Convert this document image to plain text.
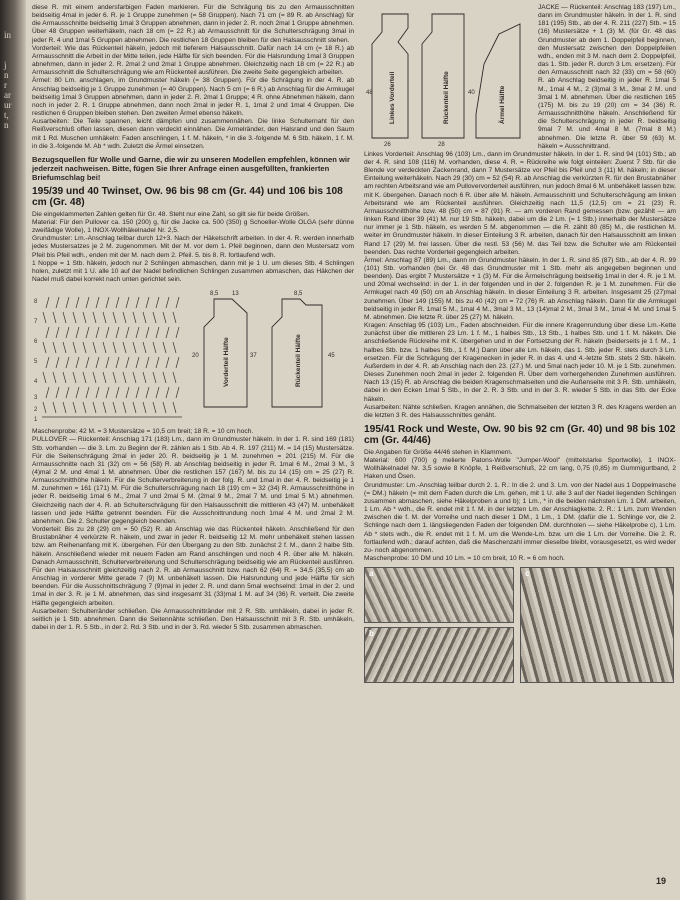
in
j
n
r
ar
ur
t,
n

diese R. mit einem andersfarbigen Faden markieren. Für die Schrägung bis zu den Armausschnitten beidseitig 4mal in jeder 6. R. je 1 Gruppe zunehmen (= 58 Gruppen). Nach 71 cm (= 89 R. ab Anschlag) für die Armausschnitte beidseitig 1mal 3 Gruppen abnehmen, dann in jeder 2. R. noch 2mal 1 Gruppe abnehmen. Über 48 Gruppen weiterhäkeln, nach 18 cm (= 22 R.) ab Armausschnitt für die Schulterschrägung 3mal in jeder R. 4 und 1mal 5 Gruppen abnehmen. Die restlichen 18 Gruppen bleiben für den Halsausschnitt stehen.

Vorderteil: Wie das Rückenteil häkeln, jedoch mit tieferem Halsausschnitt. Dafür nach 14 cm (= 18 R.) ab Armausschnitt die Arbeit in der Mitte teilen, jede Hälfte für sich beenden. Für die Halsrundung 1mal 3 Gruppen abnehmen, dann in jeder 2. R. 2mal 2 und 2mal 1 Gruppe abnehmen. Gleichzeitig nach 18 cm (= 22 R.) ab Armausschnitt die Schulterschrägung wie am Rückenteil ausführen. Die zweite Seite gegengleich arbeiten.

Ärmel: 80 Lm. anschlagen, im Grundmuster häkeln (= 38 Gruppen). Für die Schrägung in der 4. R. ab Anschlag beidseitig je 1 Gruppe zunehmen (= 40 Gruppen). Nach 5 cm (= 6 R.) ab Anschlag für die Armkugel beidseitig 1mal 3 Gruppen abnehmen, dann in jeder 2. R. 2mal 1 Gruppe; 4 R. ohne Abnehmen häkeln, dann noch in jeder 2. R. 1 Gruppe abnehmen, dann noch 2mal in jeder R. 1, 1mal 2 und 1mal 4 Gruppen. Die restlichen 6 Gruppen bleiben stehen. Den zweiten Ärmel ebenso häkeln.

Ausarbeiten: Die Teile spannen, leicht dämpfen und zusammennähen. Die linke Schulternaht für den Reißverschluß offen lassen, diesen dann verdeckt einnähen. Die Armelränder, den Halsrand und den Saum mit 1 Rd. Muschen umhäkeln: Faden anschlingen, 1 f. M. häkeln, * in die 3.-folgende M. 6 Stb. häkeln, 1 f. M. in die 3.-folgende M. Ab * wdh. Zuletzt die Ärmel einsetzen.

Bezugsquellen für Wolle und Garne, die wir zu unseren Modellen empfehlen, können wir jederzeit nachweisen. Bitte, fügen Sie Ihrer Anfrage einen ausgefüllten, frankierten Briefumschlag bei!

195/39 und 40 Twinset, Ow. 96 bis 98 cm (Gr. 44) und 106 bis 108 cm (Gr. 48)

Die eingeklammerten Zahlen gelten für Gr. 48. Steht nur eine Zahl, so gilt sie für beide Größen.

Material: Für den Pullover ca. 150 (200) g, für die Jacke ca. 500 (350) g Schoeller-Wolle OLGA (sehr dünne zweifädige Wolle), 1 INOX-Wollhäkelnadel Nr. 2,5.

Grundmuster: Lm.-Anschlag teilbar durch 12+3. Nach der Häkelschrift arbeiten. In der 4. R. werden innerhalb jedes Mustersatzes je 2 M. zugenommen. Mit der M. vor dem 1. Pfeil beginnen, dann den Mustersatz vom Pfeil bis Pfeil wdh., enden mit der M. nach dem 2. Pfeil. 5. bis 8. R. fortlaufend wdh.

1 Noppe = 1 Stb. häkeln, jedoch nur 2 Schlingen abmaschen, dann mit je 1 U. um dieses Stb. 4 Schlingen holen, zuletzt mit 1 U. alle 10 auf der Nadel befindlichen Schlingen zusammen abmaschen, das Häkchen der Nadel muß dabei korrekt nach unten gerichtet sein.

8
7
6
5
4
3
2
1
8,5 13	8,5
20	37	45
Vorderteil Hälfte	Rückenteil Hälfte

Maschenprobe: 42 M. = 3 Mustersätze = 10,5 cm breit; 18 R. = 10 cm hoch.

PULLOVER — Rückenteil: Anschlag 171 (183) Lm., dann im Grundmuster häkeln. In der 1. R. sind 169 (181) Stb. vorhanden — die 3. Lm. zu Beginn der R. zählen als 1 Stb. Ab 4. R. 197 (211) M. = 14 (15) Mustersätze. Für die Seitenschrägung 2mal in jeder 20. R. beidseitig je 1 M. zunehmen = 201 (215) M. Für die Armausschnitte nach 31 (32) cm = 56 (58) R. ab Anschlag beidseitig in jeder R. 1mal 6 M., 2mal 3 M., 3 (4)mal 2 M. und 4mal 1 M. abnehmen. Über die restlichen 157 (167) M. bis zu 14 (15) cm = 25 (27) R. Armausschnitthöhe häkeln. Für die Schulterverbreiterung in der folg. R. und 1mal in der 4. R. beidseitig je 1 M. zunehmen = 161 (171) M. Für die Schulterschrägung nach 18 (19) cm = 32 (34) R. Armausschnitthöhe in jeder R. beidseitig 1mal 6 M., 2mal 7 und 2mal 5 M. (2mal 9 M., 2mal 7 M. und 1mal 5 M.) abnehmen. Gleichzeitig nach der 4. R. ab Schulterschrägung für den Halsausschnitt die mittleren 43 (47) M. unbehäkelt lassen und jede Hälfte getrennt beenden. Für die Ausschnittrundung noch 1mal 4 M. und 2mal 2 M. abnehmen. Die 2. Schulter gegengleich beenden.

Vorderteil: Bis zu 28 (29) cm = 50 (52) R. ab Anschlag wie das Rückenteil häkeln. Anschließend für den Brustabnäher 4 verkürzte R. häkeln, und zwar in jeder R. beidseitig 12 M. mehr unbehäkelt stehen lassen bzw. am Reihenanfang mit K. übergehen. Für den Übergang zu den Stb. zunächst 2 f. M., dann 2 halbe Stb. häkeln. Anschließend wieder mit neuem Faden am Rand anschlingen und noch 4 R. über alle M. häkeln. Danach Armausschnitt, Schulterverbreiterung und Schulterschrägung beidseitig wie am Rückenteil ausführen. Für den Halsausschnitt gleichzeitig nach 2. R. ab Armausschnitt bzw. nach 62 (64) R. = 34,5 (35,5) cm ab Anschlag in vorderer Mitte gerade 7 (9) M. unbehäkelt lassen. Die Halsrundung und jede Hälfte für sich beenden. Für die Ausschnittschrägung 7 (9)mal in jeder 2. R. und dann 5mal wechselnd: 1mal in der 2. und 1mal in der 3. R. je 1 M. abnehmen, das sind insgesamt 31 (33)mal 1 M. auf 34 (36) R. verteilt. Die zweite Hälfte gegengleich arbeiten.

Ausarbeiten: Schulterränder schließen. Die Armausschnittränder mit 2 R. Stb. umhäkeln, dabei in jeder R. seitlich je 1 Stb. abnehmen. Dann die Seitennähte schließen. Den Halsausschnitt mit 3 R. Stb. umhäkeln, dabei in der 1. R. 5 Stb., in der 2. Rd. 3 Stb. und in der 3. Rd. wieder 5 Stb. zusammen abmaschen.

Linkes Vorderteil	Rückenteil Hälfte	Ärmel Hälfte
48
26	28
40

JACKE — Rückenteil: Anschlag 183 (197) Lm., dann im Grundmuster häkeln. In der 1. R. sind 181 (195) Stb., ab der 4. R. 211 (227) Stb. = 15 (16) Mustersätze + 1 (3) M. (für Gr. 48 das Grundmuster ab dem 1. Doppelpfeil beginnen, den Mustersatz zwischen den Doppelpfeilen wdh., enden mit 3 M. nach dem 2. Doppelpfeil, das 1. Stb. jeder R. durch 3 Lm. ersetzen). Für den Armausschnitt nach 32 (33) cm = 58 (60) R. ab Anschlag beidseitig in jeder R. 1mal 5 M., 1mal 4 M., 2 (3)mal 3 M., 3mal 2 M. und 3mal 1 M. abnehmen. Über die restlichen 165 (175) M. bis zu 19 (20) cm = 34 (36) R. Armausschnitthöhe häkeln. Anschließend für die Schulterschrägung in jeder R. beidseitig 9mal 7 M. und 4mal 8 M. (7mal 8 M.) abnehmen. Die letzte R. über 59 (63) M. häkeln = Ausschnittrand.

Linkes Vorderteil: Anschlag 96 (103) Lm., dann im Grundmuster häkeln. In der 1. R. sind 94 (101) Stb.; ab der 4. R. sind 108 (116) M. vorhanden, diese 4. R. = Rückreihe wie folgt einteilen: Zuerst 7 Stb. für die Blende vor verdeckten Zackenrand, dann 7 Mustersätze vor Pfeil bis Pfeil und 3 (11) M. häkeln; in dieser Einteilung weiterhäkeln. Nach 29 (30) cm = 52 (54) R. ab Anschlag die verkürzten R. für den Brustabnäher am rechten Arbeitsrand wie am Pullovervorderteil ausführen, nun jedoch 8mal 6 M. unbehäkelt lassen bzw. mit K. übergehen. Danach noch 6 R. über alle M. häkeln. Armausschnitt und Schulterschrägung am linken Arbeitsrand wie am Rückenteil ausführen. Gleichzeitig nach 11,5 (12,5) cm = 21 (23) R. Armausschnitthöhe bzw. 48 (50) cm = 87 (91) R. — am vorderen Rand gemessen (bzw. gezählt — am linken Rand über 39 (41) M. nur 19 Stb. häkeln, dabei um die 2 Lm. (= 1 Stb.) innerhalb der Mustersätze nur immer je 1 Stb. häkeln, es werden 5 M. abgenommen — die R. zählt 80 (85) M., die restlichen M. weiter im Grundmuster häkeln. In dieser Einteilung 3 R. arbeiten, danach für den Halsausschnitt am linken Rand 17 (29) M. frei lassen. Über die restl. 53 (56) M. das Teil bzw. die Schulter wie am Rückenteil beenden. Das rechte Vorderteil gegengleich arbeiten.

Ärmel: Anschlag 87 (89) Lm., dann im Grundmuster häkeln. In der 1. R. sind 85 (87) Stb., ab der 4. R. 99 (101) Stb. vorhanden (bei Gr. 48 das Grundmuster mit 1 Stb. mehr als angegeben beginnen und beenden). Das ergibt 7 Mustersätze + 1 (3) M. Für die Ärmelschrägung beidseitig 1mal in der 4. R. je 1 M. und 20mal wechselnd: in der 1. in der folgenden und in der 2. folgenden R. je 1 M. zunehmen. Für die Armkugel nach 49 (50) cm ab Anschlag häkeln. In dieser Einteilung 3 R. arbeiten. Insgesamt 25 (27)mal zunehmen. Über 149 (155) M. bis zu 40 (42) cm = 72 (76) R. ab Anschlag häkeln. Dann für die Armkugel beidseitig in jeder R. 1mal 5 M., 1mal 4 M., 3mal 3 M., 13 (14)mal 2 M., 3mal 3 M., 1mal 4 M. und 1mal 5 M. abnehmen. Die letzte R. über 25 (27) M. häkeln.

Kragen: Anschlag 95 (103) Lm., Faden abschneiden. Für die innere Kragenrundung über diese Lm.-Kette zunächst über die mittleren 23 Lm. 1 f. M., 1 halbes Stb., 13 Stb., 1 halbes Stb. und 1 f. M. häkeln. Die anschließende Rückreihe mit K. übergehen und in der Fortsetzung der R. häkeln (beiderseits je 1 f. M., 1 halbes Stb. bzw. 1 halbes Stb., 1 f. M.) Dann über alle Lm. häkeln, das 1. Stb. jeder R. stets durch 3 Lm. ersetzen. Für die Schrägung der Kragenecken in jeder R. in das 4. und 4.-letzte Stb. stets 2 Stb. häkeln. Außerdem in der 4. R. ab Anschlag nach den 23. (27.) M. und 5mal nach jeder 10. M. je 1 Stb. zunehmen. Dieses Zunehmen noch 2mal in jeder 2. folgenden R. Über dem vorhergehenden Zunehmen ausführen. Nach 13 (15) R. ab Anschlag die beiden Kragenschmalseiten und die Außenseite mit 3 R. Stb. umhäkeln, dabei in den Ecken 1mal 5 Stb., in der 2. R. 3 Stb. und in der 3. R. wieder 5 Stb. in das Stb. der Ecke häkeln.

Ausarbeiten: Nähte schließen. Kragen annähen, die Schmalseiten der letzten 3 R. des Kragens werden an die letzten 3 R. des Halsausschnittes genäht.

195/41 Rock und Weste, Ow. 90 bis 92 cm (Gr. 40) und 98 bis 102 cm (Gr. 44/46)

Die Angaben für Größe 44/46 stehen in Klammern.

Material: 600 (700) g melierte Patons-Wolle "Jumper-Wool" (mittelstarke Sportwolle), 1 INOX-Wollhäkelnadel Nr. 3,5 sowie 8 Knöpfe, 1 Reißverschluß, 22 cm lang, 0,75 (0,85) m Gummigurtband, 2 Haken und Ösen.

Grundmuster: Lm.-Anschlag teilbar durch 2. 1. R.: In die 2. und 3. Lm. von der Nadel aus 1 Doppelmasche (= DM.) häkeln (= mit dem Faden durch die Lm. gehen, mit 1 U. alle 3 auf der Nadel liegenden Schlingen zusammen abmaschen, siehe Häkelproben a und b); 1 Lm., * in die beiden nächsten Lm. 1 DM. arbeiten, 1 Lm. Ab * wdh., die R. endet mit 1 f. M. in der letzten Lm. der Anschlagkette. 2. R.: 1 Lm. zum Wenden zwischen die f. M. der Vorreihe und nach dieser 1 DM., 1 Lm., 1 DM. (dafür die 1. Schlinge vor, die 2. Schlinge nach dem 1. längsliegenden Faden der folgenden DM. durchholen — siehe Häkelprobe c), 1 Lm. Ab * stets wdh., die R. endet mit 1 f. M. um die Wende-Lm. bzw. um die 1 Lm. der Vorreihe. Die 2. R. fortlaufend wdh.; darauf achten, daß die Maschenzahl immer dieselbe bleibt, vorausgesetzt, es wird weder zu- noch abgenommen.

Maschenprobe: 10 DM und 10 Lm. = 10 cm breit, 10 R. = 6 cm hoch.

a
b
c
19
